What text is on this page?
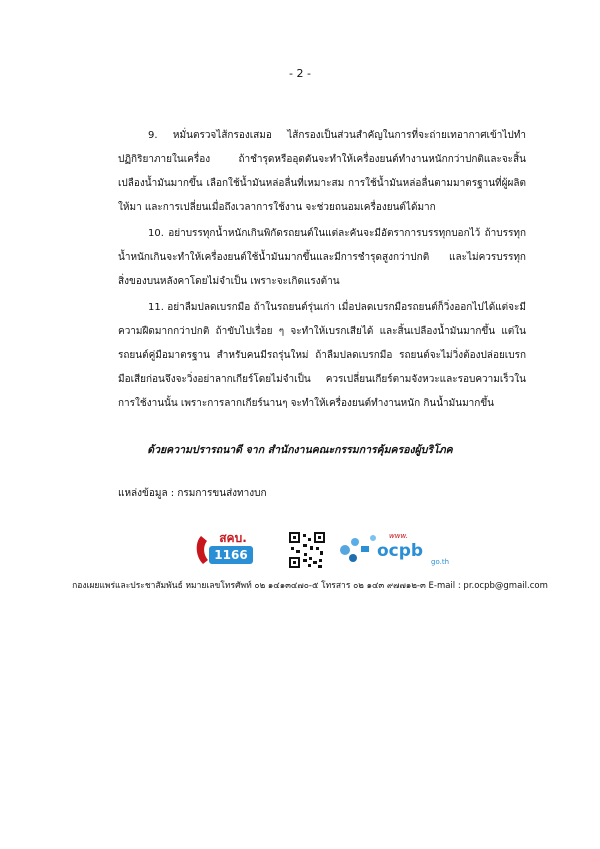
- 2 -

9. หมั่นตรวจไส้กรองเสมอ ไส้กรองเป็นส่วนสำคัญในการที่จะถ่ายเทอากาศเข้าไปทำปฏิกิริยาภายในเครื่อง ถ้าชำรุดหรืออุดตันจะทำให้เครื่องยนต์ทำงานหนักกว่าปกติและจะสิ้นเปลืองน้ำมันมากขึ้น เลือกใช้น้ำมันหล่อลื่นที่เหมาะสม การใช้น้ำมันหล่อลื่นตามมาตรฐานที่ผู้ผลิตให้มา และการเปลี่ยนเมื่อถึงเวลาการใช้งาน จะช่วยถนอมเครื่องยนต์ได้มาก

10. อย่าบรรทุกน้ำหนักเกินพิกัดรถยนต์ในแต่ละคันจะมีอัตราการบรรทุกบอกไว้ ถ้าบรรทุกน้ำหนักเกินจะทำให้เครื่องยนต์ใช้น้ำมันมากขึ้นและมีการชำรุดสูงกว่าปกติ และไม่ควรบรรทุกสิ่งของบนหลังคาโดยไม่จำเป็น เพราะจะเกิดแรงต้าน

11. อย่าลืมปลดเบรกมือ ถ้าในรถยนต์รุ่นเก่า เมื่อปลดเบรกมือรถยนต์ก็วิ่งออกไปได้แต่จะมีความฝืดมากกว่าปกติ ถ้าขับไปเรื่อย ๆ จะทำให้เบรกเสียได้ และสิ้นเปลืองน้ำมันมากขึ้น แต่ในรถยนต์คู่มือมาตรฐาน สำหรับคนมีรถรุ่นใหม่ ถ้าลืมปลดเบรกมือ รถยนต์จะไม่วิ่งต้องปล่อยเบรกมือเสียก่อนจึงจะวิ่งอย่าลากเกียร์โดยไม่จำเป็น ควรเปลี่ยนเกียร์ตามจังหวะและรอบความเร็วในการใช้งานนั้น เพราะการลากเกียร์นานๆ จะทำให้เครื่องยนต์ทำงานหนัก กินน้ำมันมากขึ้น

ด้วยความปรารถนาดี จาก สำนักงานคณะกรรมการคุ้มครองผู้บริโภค
แหล่งข้อมูล : กรมการขนส่งทางบก
1166
สคบ.	www.
ocpb
go.th
กองเผยแพร่และประชาสัมพันธ์ หมายเลขโทรศัพท์ ๐๒ ๑๔๑๓๔๗๐-๕ โทรสาร ๐๒ ๑๔๓ ๙๗๗๑๒-๓ E-mail : pr.ocpb@gmail.com
